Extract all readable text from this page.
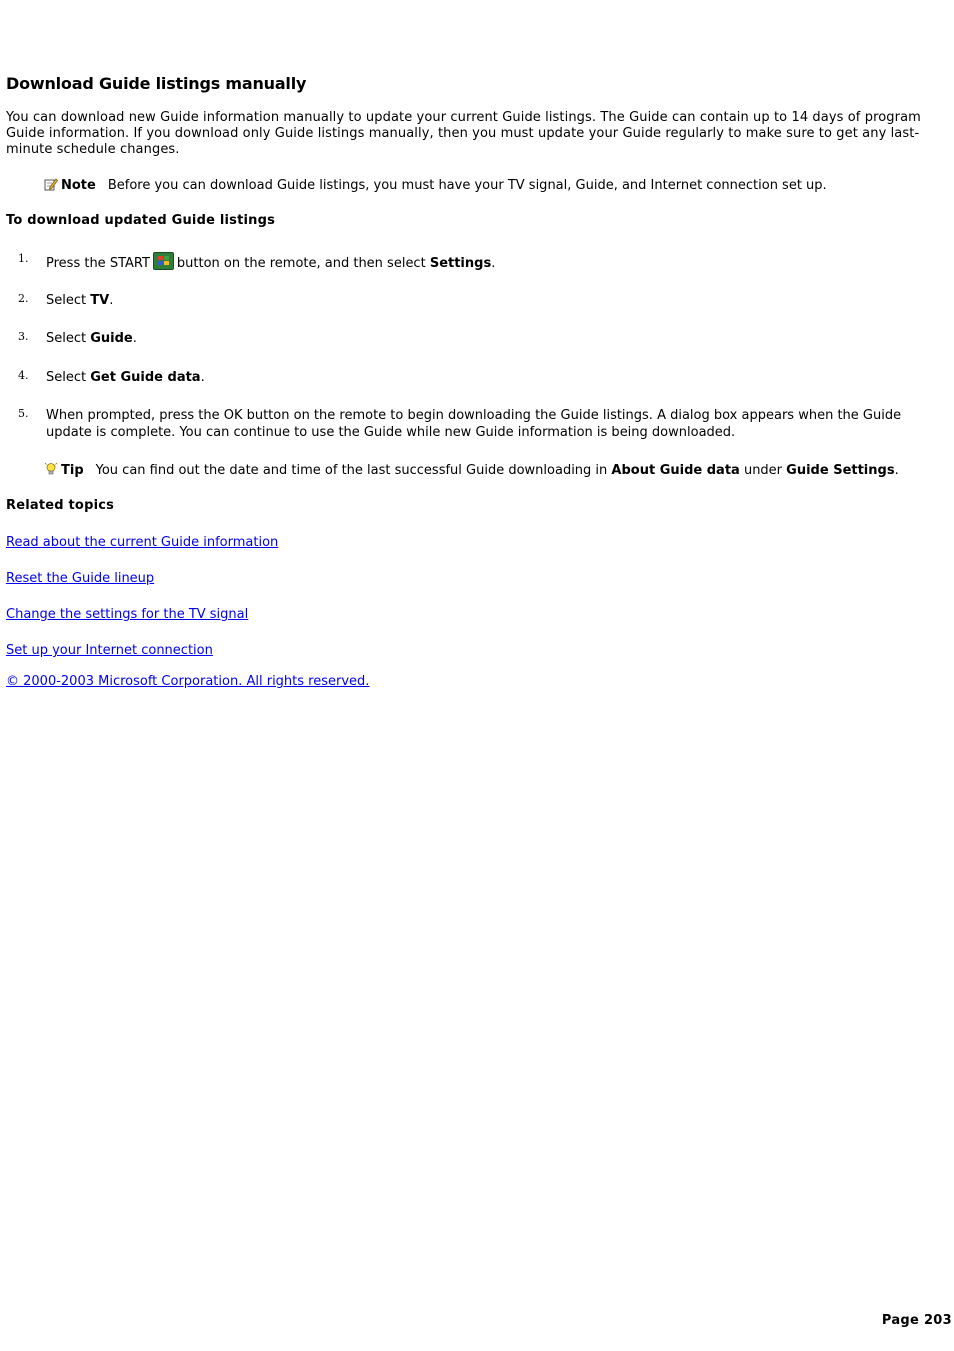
Download Guide listings manually

You can download new Guide information manually to update your current Guide listings. The Guide can contain up to 14 days of program Guide information. If you download only Guide listings manually, then you must update your Guide regularly to make sure to get any last-minute schedule changes.

Note Before you can download Guide listings, you must have your TV signal, Guide, and Internet connection set up.

To download updated Guide listings

1. Press the START button on the remote, and then select Settings.
2. Select TV.
3. Select Guide.
4. Select Get Guide data.
5. When prompted, press the OK button on the remote to begin downloading the Guide listings. A dialog box appears when the Guide update is complete. You can continue to use the Guide while new Guide information is being downloaded.

Tip You can find out the date and time of the last successful Guide downloading in About Guide data under Guide Settings.

Related topics

Read about the current Guide information
Reset the Guide lineup
Change the settings for the TV signal
Set up your Internet connection
© 2000-2003 Microsoft Corporation. All rights reserved.
Page 203
